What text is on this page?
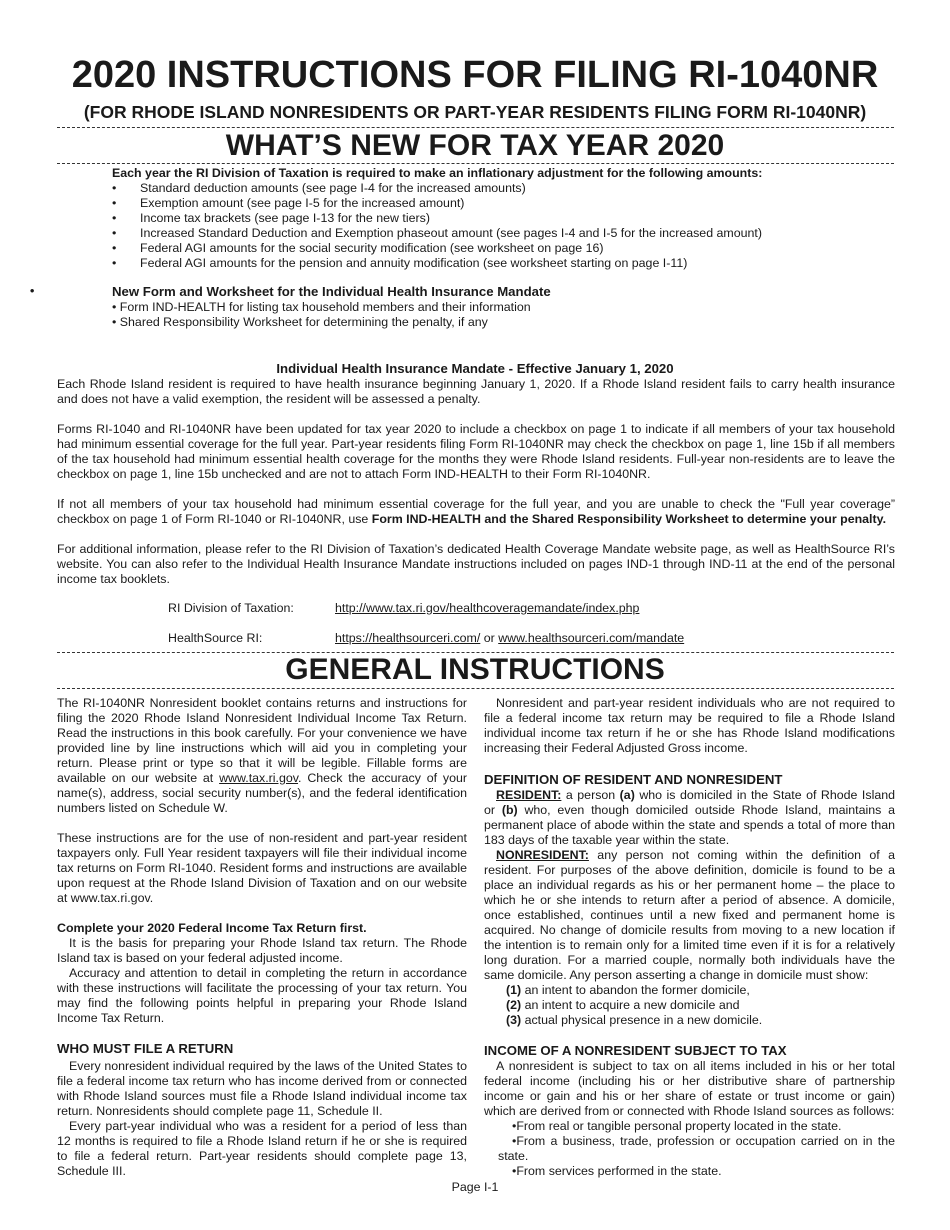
2020 INSTRUCTIONS FOR FILING RI-1040NR
(FOR RHODE ISLAND NONRESIDENTS OR PART-YEAR RESIDENTS FILING FORM RI-1040NR)
WHAT’S NEW FOR TAX YEAR 2020
Each year the RI Division of Taxation is required to make an inflationary adjustment for the following amounts:
•	Standard deduction amounts (see page I-4 for the increased amounts)
•	Exemption amount (see page I-5 for the increased amount)
•	Income tax brackets (see page I-13 for the new tiers)
•	Increased Standard Deduction and Exemption phaseout amount (see pages I-4 and I-5 for the increased amount)
•	Federal AGI amounts for the social security modification (see worksheet on page 16)
•	Federal AGI amounts for the pension and annuity modification (see worksheet starting on page I-11)
•	New Form and Worksheet for the Individual Health Insurance Mandate
• Form IND-HEALTH for listing tax household members and their information
• Shared Responsibility Worksheet for determining the penalty, if any
Individual Health Insurance Mandate - Effective January 1, 2020

Each Rhode Island resident is required to have health insurance beginning January 1, 2020. If a Rhode Island resident fails to carry health insurance and does not have a valid exemption, the resident will be assessed a penalty.

Forms RI-1040 and RI-1040NR have been updated for tax year 2020 to include a checkbox on page 1 to indicate if all members of your tax household had minimum essential coverage for the full year. Part-year residents filing Form RI-1040NR may check the checkbox on page 1, line 15b if all members of the tax household had minimum essential health coverage for the months they were Rhode Island residents. Full-year non-residents are to leave the checkbox on page 1, line 15b unchecked and are not to attach Form IND-HEALTH to their Form RI-1040NR.

If not all members of your tax household had minimum essential coverage for the full year, and you are unable to check the "Full year coverage” checkbox on page 1 of Form RI-1040 or RI-1040NR, use Form IND-HEALTH and the Shared Responsibility Worksheet to determine your penalty.

For additional information, please refer to the RI Division of Taxation’s dedicated Health Coverage Mandate website page, as well as HealthSource RI’s website. You can also refer to the Individual Health Insurance Mandate instructions included on pages IND-1 through IND-11 at the end of the personal income tax booklets.

RI Division of Taxation:	http://www.tax.ri.gov/healthcoveragemandate/index.php
HealthSource RI:	https://healthsourceri.com/ or www.healthsourceri.com/mandate
GENERAL INSTRUCTIONS

The RI-1040NR Nonresident booklet contains returns and instructions for filing the 2020 Rhode Island Nonresident Individual Income Tax Return. Read the instructions in this book carefully. For your convenience we have provided line by line instructions which will aid you in completing your return. Please print or type so that it will be legible. Fillable forms are available on our website at www.tax.ri.gov. Check the accuracy of your name(s), address, social security number(s), and the federal identification numbers listed on Schedule W.

These instructions are for the use of non-resident and part-year resident taxpayers only. Full Year resident taxpayers will file their individual income tax returns on Form RI-1040. Resident forms and instructions are available upon request at the Rhode Island Division of Taxation and on our website at www.tax.ri.gov.

Complete your 2020 Federal Income Tax Return first.

It is the basis for preparing your Rhode Island tax return. The Rhode Island tax is based on your federal adjusted income.

Accuracy and attention to detail in completing the return in accordance with these instructions will facilitate the processing of your tax return. You may find the following points helpful in preparing your Rhode Island Income Tax Return.

WHO MUST FILE A RETURN

Every nonresident individual required by the laws of the United States to file a federal income tax return who has income derived from or connected with Rhode Island sources must file a Rhode Island individual income tax return. Nonresidents should complete page 11, Schedule II.

Every part-year individual who was a resident for a period of less than 12 months is required to file a Rhode Island return if he or she is required to file a federal return. Part-year residents should complete page 13, Schedule III.

Nonresident and part-year resident individuals who are not required to file a federal income tax return may be required to file a Rhode Island individual income tax return if he or she has Rhode Island modifications increasing their Federal Adjusted Gross income.

DEFINITION OF RESIDENT AND NONRESIDENT

RESIDENT: a person (a) who is domiciled in the State of Rhode Island or (b) who, even though domiciled outside Rhode Island, maintains a permanent place of abode within the state and spends a total of more than 183 days of the taxable year within the state.

NONRESIDENT: any person not coming within the definition of a resident. For purposes of the above definition, domicile is found to be a place an individual regards as his or her permanent home – the place to which he or she intends to return after a period of absence. A domicile, once established, continues until a new fixed and permanent home is acquired. No change of domicile results from moving to a new location if the intention is to remain only for a limited time even if it is for a relatively long duration. For a married couple, normally both individuals have the same domicile. Any person asserting a change in domicile must show:

(1) an intent to abandon the former domicile,

(2) an intent to acquire a new domicile and

(3) actual physical presence in a new domicile.

INCOME OF A NONRESIDENT SUBJECT TO TAX

A nonresident is subject to tax on all items included in his or her total federal income (including his or her distributive share of partnership income or gain and his or her share of estate or trust income or gain) which are derived from or connected with Rhode Island sources as follows:

•From real or tangible personal property located in the state.

•From a business, trade, profession or occupation carried on in the state.

•From services performed in the state.

Page I-1
